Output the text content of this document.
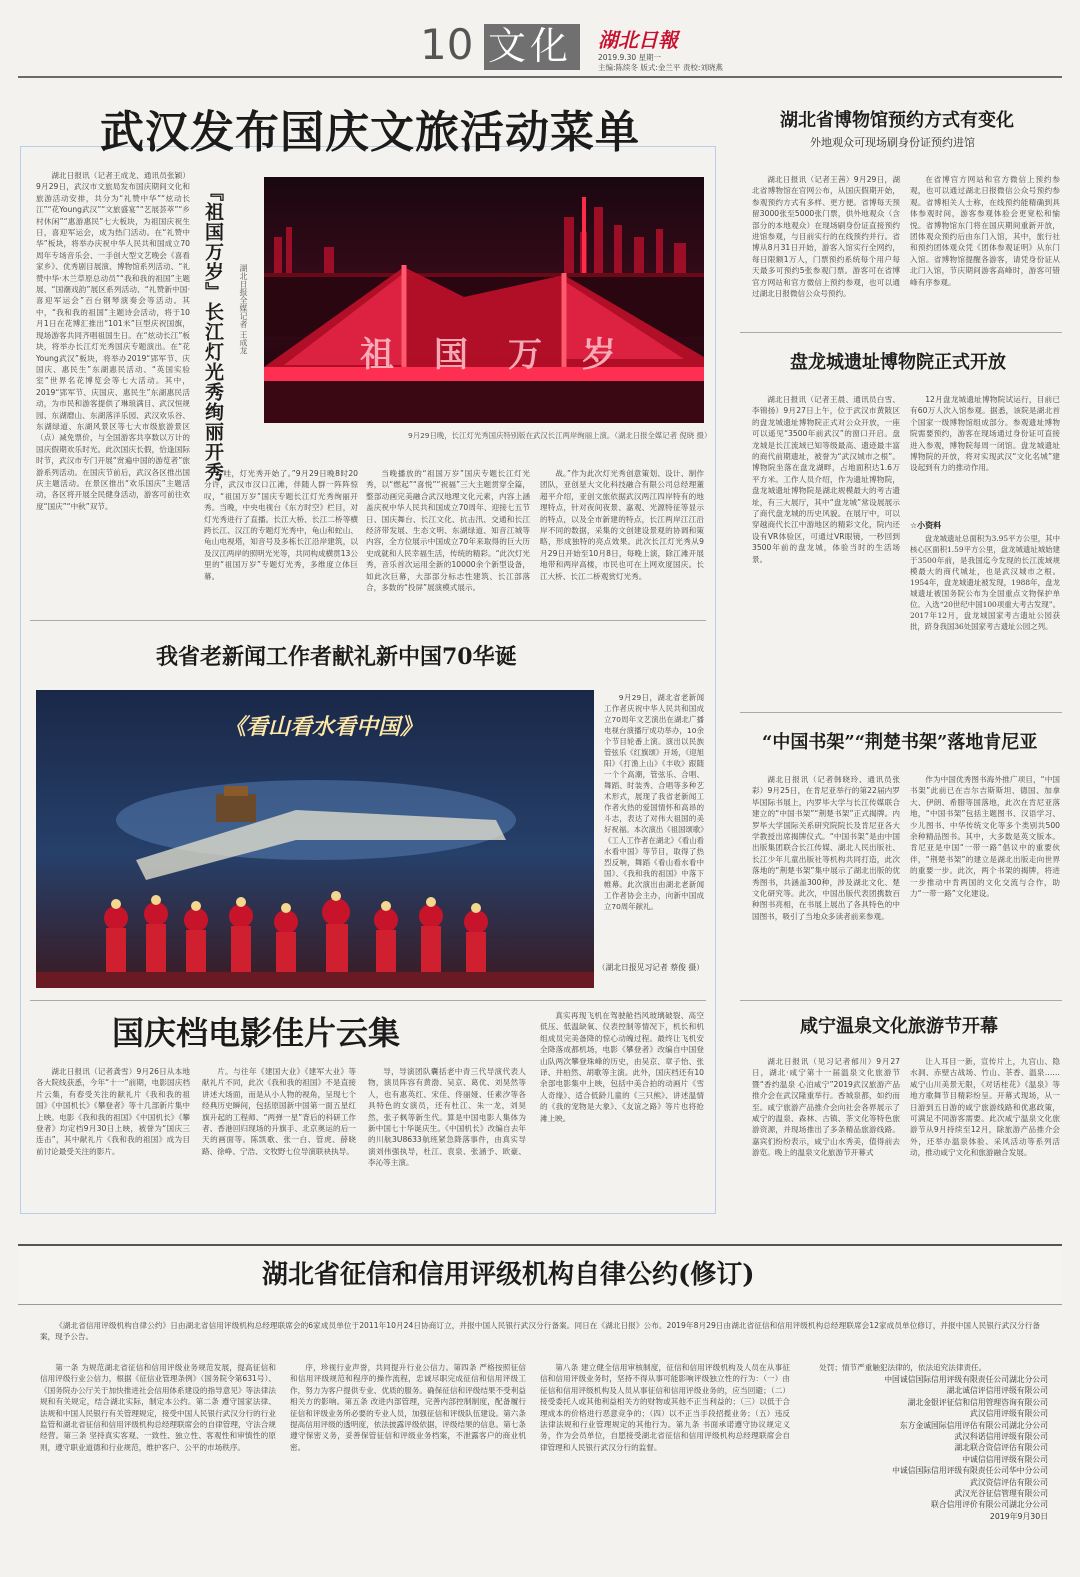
10 文化 湖北日報
2019.9.30 星期一
主编:陈续冬 版式:金兰平 责校:刘晓燕
武汉发布国庆文旅活动菜单

湖北日报讯（记者王成龙、通讯员张颖）9月29日，武汉市文旅局发布国庆期间文化和旅游活动安排，共分为“礼赞中华”“炫动长江”“花Young武汉”“文旅盛宴”“艺展荟萃”“乡村休闲”“惠游惠民”七大板块，为祖国庆祝生日，喜迎军运会，成为热门活动。在“礼赞中华”板块，将举办庆祝中华人民共和国成立70周年专场音乐会、一手创大型文艺晚会《喜看家乡》、优秀剧目展演、博物馆系列活动、“礼赞中华·木兰草原总动员”“我和我的祖国”主题展、“国潮戏韵”展区系列活动、“礼赞新中国·喜迎军运会”百台钢琴演奏会等活动。其中，“我和我的祖国”主题诗会活动，将于10月1日在花博汇推出“101米”巨型庆祝国旗，现场游客共同齐唱祖国生日。在“炫动长江”板块，将举办长江灯光秀国庆专题演出。在“花Young武汉”板块，将举办2019“郢军节、庆国庆、惠民生”东湖惠民活动、“英国实验室”世界名花博览会等七大活动。其中，2019“郢军节、庆国庆、惠民生”东湖惠民活动，为市民和游客提供了琳琅满目、武汉恒规园、东湖磨山、东湖落洋乐园、武汉欢乐谷、东湖绿道、东湖风景区等七大市级旅游景区（点）减免票价，与全国游客共享数以万计的国庆假期欢乐时光。此次国庆长假，恰逢国际时节，武汉市专门开展“赏遍中国的游览者”旅游系列活动。在国庆节前后，武汉各区推出国庆主题活动。在景区推出“欢乐国庆”主题活动，各区将开展全民健身活动，游客可前往欢度“国庆”“中秋”双节。

『祖国万岁』长江灯光秀绚丽开秀 湖北日报全媒记者 王成龙
祖国万岁
9月29日晚，长江灯光秀国庆特别版在武汉长江两岸绚丽上演。（湖北日报全媒记者 倪晓 摄）

“哇，灯光秀开始了。”9月29日晚8时20分许，武汉市汉口江滩，伴随人群一阵阵惊叹，“祖国万岁”国庆专题长江灯光秀绚丽开秀。当晚，中央电视台《东方时空》栏目，对灯光秀进行了直播。长江大桥、长江二桥等横跨长江、汉江的专题灯光秀中，龟山和蛇山、龟山电视塔，知音号及多栋长江沿岸建筑，以及汉江两岸的照明光光等，共同构成横贯13公里的“祖国万岁”专题灯光秀，多维度立体巨幕。

当晚播放的“祖国万岁”国庆专题长江灯光秀，以“燃起”“喜悦”“祝福”三大主题贯穿全篇，整部动画完美融合武汉地理文化元素，内容上涵盖庆祝中华人民共和国成立70周年、迎接七五节日、国庆舞台、长江文化、抗击汛、交通和长江经济带发展、生态文明、东湖绿道、知音江城等内容，全方位展示中国成立70年来取得的巨大历史成就和人民幸福生活，传统的精彩。“此次灯光秀，音乐首次运用全新的10000余个新型设备，如此次巨幕，大部部分标志性建筑、长江部落合，多数的“投屏”展演模式展示。

战。”作为此次灯光秀创意策划、设计、制作团队，亚创星大文化科技融合有限公司总经理董超平介绍，亚创文旅依据武汉两江四岸特有的地理特点，针对夜间夜景、嘉观、光源特征等显示的特点，以及全市新建的特点，长江两岸江江沿岸不同的数据，采集的文创建设景观的协调和策略，形成独特的亮点效果。此次长江灯光秀从9月29日开始至10月8日，每晚上演，除江滩开展地带和两岸高楼，市民也可在上网欢度国庆。长江大桥、长江二桥观赏灯光秀。

我省老新闻工作者献礼新中国70华诞
《看山看水看中国》

9月29日，湖北省老新闻工作者庆祝中华人民共和国成立70周年文艺演出在湖北广播电视台演播厅成功举办，10余个节目轮番上演。演出以民族管弦乐《红旗颂》开场，《迎旭阳》《打渔上山》《丰收》跟随一个个高潮，管弦乐、合唱、舞蹈、时装秀、合唱等多种艺术形式，展现了我省老新闻工作者火热的爱国情怀和高昂的斗志，表达了对伟大祖国的美好祝福。本次演出《祖国颂歌》《工人工作者在湖北》《看山看水看中国》等节目，取得了热烈反响，舞蹈《看山看水看中国》、《我和我的祖国》中落下帷幕。此次演出由湖北老新闻工作者协会主办，向新中国成立70周年献礼。

（湖北日报见习记者 蔡俊 摄）
国庆档电影佳片云集

湖北日报讯（记者龚雪）9月26日从本地各大院线获悉，今年“十一”前期，电影国庆档片云集，有春受关注的献礼片《我和我的祖国》《中国机长》《攀登者》等十几部新片集中上映。电影《我和我的祖国》《中国机长》《攀登者》均定档9月30日上映，被誉为“国庆三连击”，其中献礼片《我和我的祖国》成为目前讨论最受关注的影片。

片。与往年《建国大业》《建军大业》等献礼片不同，此次《我和我的祖国》不是直接讲述大场面，而是从小人物的视角，呈现七个经典历史瞬间，包括原国新中国第一面五星红旗升起的工程师、“两弹一星”背后的科研工作者、香港回归现场的升旗手、北京奥运的后一天的画面等。陈凯歌、张一白、管虎、薛晓路、徐峥、宁浩、文牧野七位导演联袂执导。

导，导演团队囊括老中青三代导演代表人物，演员阵容有黄渤、吴京、葛优、刘昊然等人，也有惠英红、宋佳、佟丽娅、任素汐等各具特色的女演员，还有杜江、朱一龙，刘昊然，张子枫等新生代。算是中国电影人集体为新中国七十华诞庆生。《中国机长》改编自去年的川航3U8633航班紧急降落事件，由真实导演刘伟强执导，杜江、袁泉、张涵予、欧豪、李沁等主演。

真实再现飞机在驾驶舱挡风玻璃破裂、高空低压、低温缺氧、仪表控制等情况下，机长和机组成员完美备降的惊心动魄过程。最终让飞机安全降落成都机场，电影《攀登者》改编自中国登山队两次攀登珠峰的历史，由吴京、章子怡、张译、井柏然、胡歌等主演。此外，国庆档还有10余部电影集中上映，包括中美合拍的动画片《雪人奇缘》、适合低龄儿童的《三只熊》、讲述温情的《我的宠物是大象》、《友谊之路》等片也将抢滩上映。

湖北省博物馆预约方式有变化
外地观众可现场刷身份证预约进馆

湖北日报讯（记者王茜）9月29日，湖北省博物馆在官网公布，从国庆假期开始，参观预约方式有多样、更方便。省博每天预留3000张至5000张门票，供外地观众（含部分的本地观众）在现场刷身份证直接预约进馆参观，与目前实行的在线预约并行。省博从8月31日开始，游客入馆实行全网约，每日限额1万人，门票预约系统每个用户每天最多可预约5张参观门票。游客可在省博官方网站和官方微信上预约参观，也可以通过湖北日报微信公众号预约。

在省博官方网站和官方微信上预约参观，也可以通过湖北日报微信公众号预约参观。省博相关人士称，在线预约能精确到具体参观时间，游客参观体验会更宽松和愉悦。省博物馆东门将在国庆期间重新开放，团体观众预约后由东门入馆，其中，旅行社和预约团体观众凭《团体参观证明》从东门入馆。省博物馆提醒各游客，请凭身份证从北门入馆，节庆期间游客高峰时，游客可错峰有序参观。

盘龙城遗址博物院正式开放

湖北日报讯（记者王晨、通讯员白雪、李锦扬）9月27日上午，位于武汉市黄陂区的盘龙城遗址博物院正式对公众开放，一座可以遥见“3500年前武汉”的窗口开启。盘龙城是长江流域已知等级最高、遗迹最丰富的商代前期遗址，被誉为“武汉城市之根”。博物院坐落在盘龙湖畔，占地面积达1.6万平方米。工作人员介绍，作为遗址博物院，盘龙城遗址博物院是湖北规模最大的考古遗址，有三大展厅，其中“盘龙城”常设展展示了商代盘龙城的历史风貌。在展厅中，可以穿越商代长江中游地区的精彩文化，院内还设有VR体验区，可通过VR眼镜，一秒回到3500年前的盘龙城，体验当时的生活场景。

12月盘龙城遗址博物院试运行，目前已有60万人次入馆参观。据悉，该院是湖北首个国家一级博物馆组成部分。参观遗址博物院需要预约，游客在现场通过身份证可直接进入参观，博物院每周一闭馆。盘龙城遗址博物院的开放，将对实现武汉“文化名城”建设起到有力的推动作用。

☆小资料

盘龙城遗址总面积为3.95平方公里，其中核心区面积1.59平方公里，盘龙城遗址城始建于3500年前，是我国迄今发现的长江流域规模最大的商代城址，也是武汉城市之根。1954年，盘龙城遗址被发现，1988年，盘龙城遗址被国务院公布为全国重点文物保护单位。入选“20世纪中国100项重大考古发现”。2017年12月，盘龙城国家考古遗址公园获批，跻身我国36处国家考古遗址公园之列。

“中国书架”“荆楚书架”落地肯尼亚

湖北日报讯（记者韩晓玲、通讯员张彩）9月25日，在肯尼亚举行的第22届内罗毕国际书展上，内罗毕大学与长江传媒联合建立的“中国书架”“荆楚书架”正式揭牌。内罗毕大学国际关系研究院院长及肯尼亚各大学教授出席揭牌仪式。“中国书架”是由中国出版集团联合长江传媒、湖北人民出版社、长江少年儿童出版社等机构共同打造，此次落地的“荆楚书架”集中展示了湖北出版的优秀图书，共涵盖300种，涉及湖北文化、楚文化研究等。此次，中国出版代表团携数百种图书亮相，在书展上展出了各具特色的中国图书，吸引了当地众多读者前来参观。

作为中国优秀图书海外推广项目，“中国书架”此前已在吉尔吉斯斯坦、德国、加拿大、伊朗、希腊等国落地，此次在肯尼亚落地，“中国书架”包括主题图书、汉语学习、少儿图书、中华传统文化等多个类别共500余种精品图书。其中，大多数是英文版本。肯尼亚是中国“一带一路”倡议中的重要伙伴，“荆楚书架”的建立是湖北出版走向世界的重要一步。此次，两个书架的揭牌，将进一步推动中肯两国的文化交流与合作，助力“一带一路”文化建设。

咸宁温泉文化旅游节开幕

湖北日报讯（见习记者郁川）9月27日，湖北·咸宁第十一届温泉文化旅游节暨“香约温泉 心泊咸宁”2019武汉旅游产品推介会在武汉隆重举行。香城泉都，如约而至。咸宁旅游产品推介会向社会各界展示了咸宁的温泉、森林、古镇、茶文化等特色旅游资源，并现场推出了多条精品旅游线路。嘉宾们纷纷表示，咸宁山水秀美，值得前去游览。晚上的温泉文化旅游节开幕式

让人耳目一新，宣传片上，九宫山、隐水洞、赤壁古战场、竹山、茶香、温泉……咸宁山川美景无限，《对话桂花》《温泉》等地方歌舞节目精彩纷呈。开幕式现场，从一日游到五日游的咸宁旅游线路和优惠政策，可满足不同游客需要。此次咸宁温泉文化旅游节从9月持续至12月，除旅游产品推介会外，还举办温泉体验、采风活动等系列活动，推动咸宁文化和旅游融合发展。

湖北省征信和信用评级机构自律公约(修订)

《湖北省信用评级机构自律公约》日由湖北省信用评级机构总经理联席会的6家成员单位于2011年10月24日协商订立，并报中国人民银行武汉分行备案。同日在《湖北日报》公布。2019年8月29日由湖北省征信和信用评级机构总经理联席会12家成员单位修订，并报中国人民银行武汉分行备案，现予公告。

第一条 为规范湖北省征信和信用评级业务规范发展，提高征信和信用评级行业公信力，根据《征信业管理条例》（国务院令第631号）、《国务院办公厅关于加快推进社会信用体系建设的指导意见》等法律法规和有关规定，结合湖北实际，制定本公约。第二条 遵守国家法律、法规和中国人民银行有关管理规定，接受中国人民银行武汉分行的行业监管和湖北省征信和信用评级机构总经理联席会的自律管理，守法合规经营。第三条 坚持真实客观、一致性、独立性、客观性和审慎性的原则，遵守职业道德和行业规范，维护客户、公平的市场秩序。

序，珍视行业声誉，共同提升行业公信力。第四条 严格按照征信和信用评级规范和程序的操作流程，忠诚尽职完成征信和信用评级工作，努力为客户提供专业、优质的服务。确保征信和评级结果不受利益相关方的影响。第五条 改进内部管理，完善内部控制制度，配备履行征信和评级业务所必要的专业人员，加强征信和评级队伍建设。第六条 提高信用评级的透明度，依法披露评级依据，评级结果的信息。第七条 遵守保密义务，妥善保管征信和评级业务档案，不泄露客户的商业机密。

第八条 建立健全信用审核制度，征信和信用评级机构及人员在从事征信和信用评级业务时，坚持不得从事可能影响评级独立性的行为：（一）由征信和信用评级机构及人员从事征信和信用评级业务的，应当回避；（二）接受委托人或其他利益相关方的财物或其他不正当利益的；（三）以低于合理成本的价格进行恶意竞争的；（四）以不正当手段招揽业务；（五）违反法律法规和行业管理规定的其他行为。第九条 书面承诺遵守协议规定义务，作为会员单位，自愿接受湖北省征信和信用评级机构总经理联席会自律管理和人民银行武汉分行的监督。

处罚；情节严重触犯法律的，依法追究法律责任。

中国诚信国际信用评级有限责任公司湖北分公司
湖北诚信评信用评级有限公司
湖北金银评征信和信用管理咨询有限公司
武汉信用评级有限公司
东方金诚国际信用评估有限公司湖北分公司
武汉科诺信用评级有限公司
湖北联合资信评估有限公司
中诚信信用评级有限公司
中诚信国际信用评级有限责任公司华中分公司
武汉资信评估有限公司
武汉光谷征信管理有限公司
联合信用评价有限公司湖北分公司
2019年9月30日
